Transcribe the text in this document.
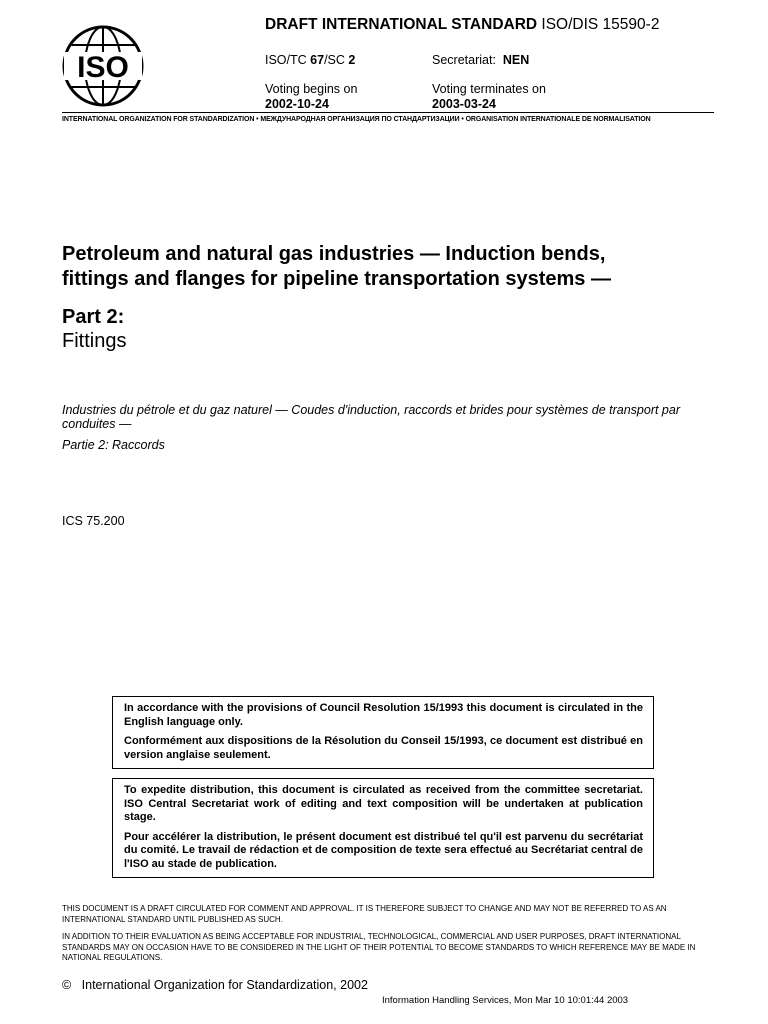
ISO
DRAFT INTERNATIONAL STANDARD ISO/DIS 15590-2
ISO/TC 67/SC 2	Secretariat: NEN
Voting begins on
2002-10-24
Voting terminates on
2003-03-24
INTERNATIONAL ORGANIZATION FOR STANDARDIZATION • МЕЖДУНАРОДНАЯ ОРГАНИЗАЦИЯ ПО СТАНДАРТИЗАЦИИ • ORGANISATION INTERNATIONALE DE NORMALISATION
Petroleum and natural gas industries — Induction bends,
fittings and flanges for pipeline transportation systems —
Part 2:
Fittings
Industries du pétrole et du gaz naturel — Coudes d'induction, raccords et brides pour systèmes de transport par conduites —
Partie 2: Raccords
ICS 75.200

In accordance with the provisions of Council Resolution 15/1993 this document is circulated in the English language only.

Conformément aux dispositions de la Résolution du Conseil 15/1993, ce document est distribué en version anglaise seulement.

To expedite distribution, this document is circulated as received from the committee secretariat. ISO Central Secretariat work of editing and text composition will be undertaken at publication stage.

Pour accélérer la distribution, le présent document est distribué tel qu'il est parvenu du secrétariat du comité. Le travail de rédaction et de composition de texte sera effectué au Secrétariat central de l'ISO au stade de publication.

THIS DOCUMENT IS A DRAFT CIRCULATED FOR COMMENT AND APPROVAL. IT IS THEREFORE SUBJECT TO CHANGE AND MAY NOT BE REFERRED TO AS AN INTERNATIONAL STANDARD UNTIL PUBLISHED AS SUCH.
IN ADDITION TO THEIR EVALUATION AS BEING ACCEPTABLE FOR INDUSTRIAL, TECHNOLOGICAL, COMMERCIAL AND USER PURPOSES, DRAFT INTERNATIONAL STANDARDS MAY ON OCCASION HAVE TO BE CONSIDERED IN THE LIGHT OF THEIR POTENTIAL TO BECOME STANDARDS TO WHICH REFERENCE MAY BE MADE IN NATIONAL REGULATIONS.
© International Organization for Standardization, 2002
Information Handling Services, Mon Mar 10 10:01:44 2003
